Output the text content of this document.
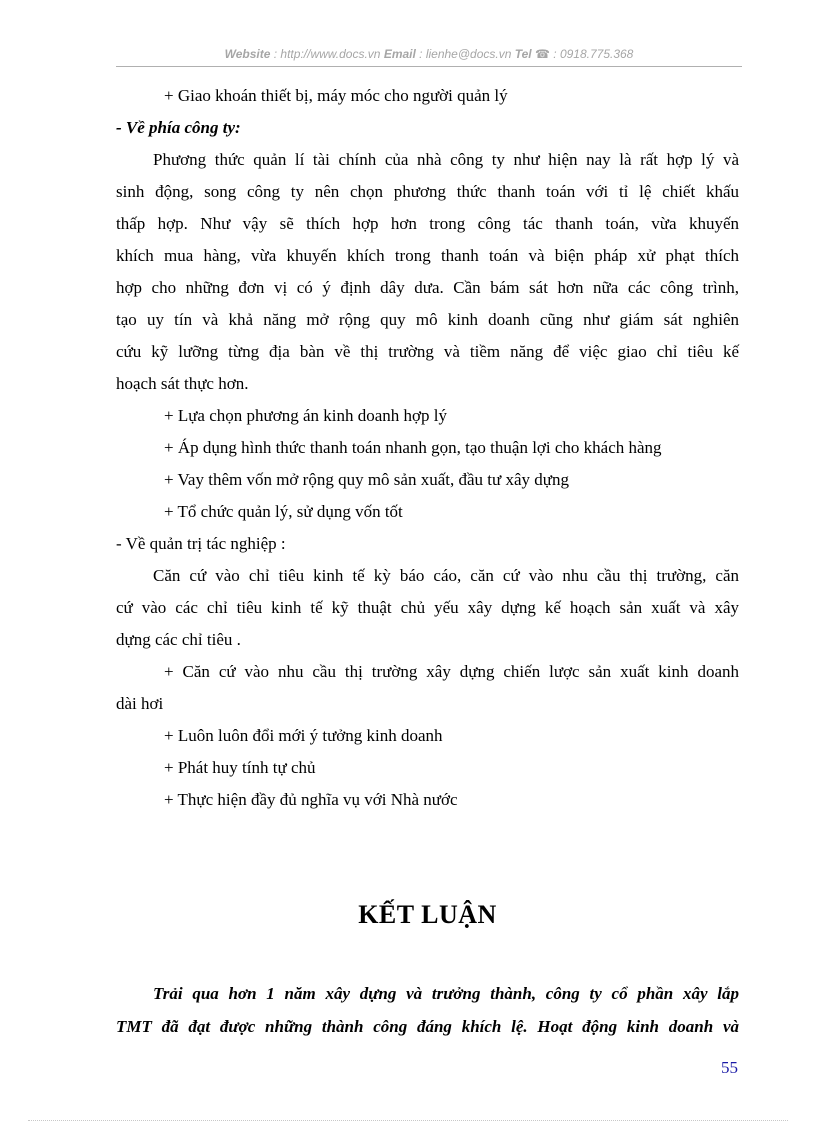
Website : http://www.docs.vn Email : lienhe@docs.vn Tel ☎ : 0918.775.368
+ Giao khoán thiết bị, máy móc cho người quản lý
- Về phía công ty:
Phương thức quản lí tài chính của nhà công ty như hiện nay là rất hợp lý và
sinh động, song công ty nên chọn phương thức thanh toán với tỉ lệ chiết khấu
thấp hợp. Như vậy sẽ thích hợp hơn trong công tác thanh toán, vừa khuyến
khích mua hàng, vừa khuyến khích trong thanh toán và biện pháp xử phạt thích
hợp cho những đơn vị có ý định dây dưa. Cần bám sát hơn nữa các công trình,
tạo uy tín và khả năng mở rộng quy mô kinh doanh cũng như giám sát nghiên
cứu kỹ lưỡng từng địa bàn về thị trường và tiềm năng để việc giao chỉ tiêu kế
hoạch sát thực hơn.
+ Lựa chọn phương án kinh doanh hợp lý
+ Áp dụng hình thức thanh toán nhanh gọn, tạo thuận lợi cho khách hàng
+ Vay thêm vốn mở rộng quy mô sản xuất, đầu tư xây dựng
+ Tổ chức quản lý, sử dụng vốn tốt
- Về quản trị tác nghiệp :
Căn cứ vào chỉ tiêu kinh tế kỳ báo cáo, căn cứ vào nhu cầu thị trường, căn
cứ vào các chỉ tiêu kinh tế kỹ thuật chủ yếu xây dựng kế hoạch sản xuất và xây
dựng các chỉ tiêu .
+ Căn cứ vào nhu cầu thị trường xây dựng chiến lược sản xuất kinh doanh
dài hơi
+ Luôn luôn đổi mới ý tưởng kinh doanh
+ Phát huy tính tự chủ
+ Thực hiện đầy đủ nghĩa vụ với Nhà nước
KẾT LUẬN
Trải qua hơn 1 năm xây dựng và trưởng thành, công ty cổ phần xây lắp
TMT đã đạt được những thành công đáng khích lệ. Hoạt động kinh doanh và
55
